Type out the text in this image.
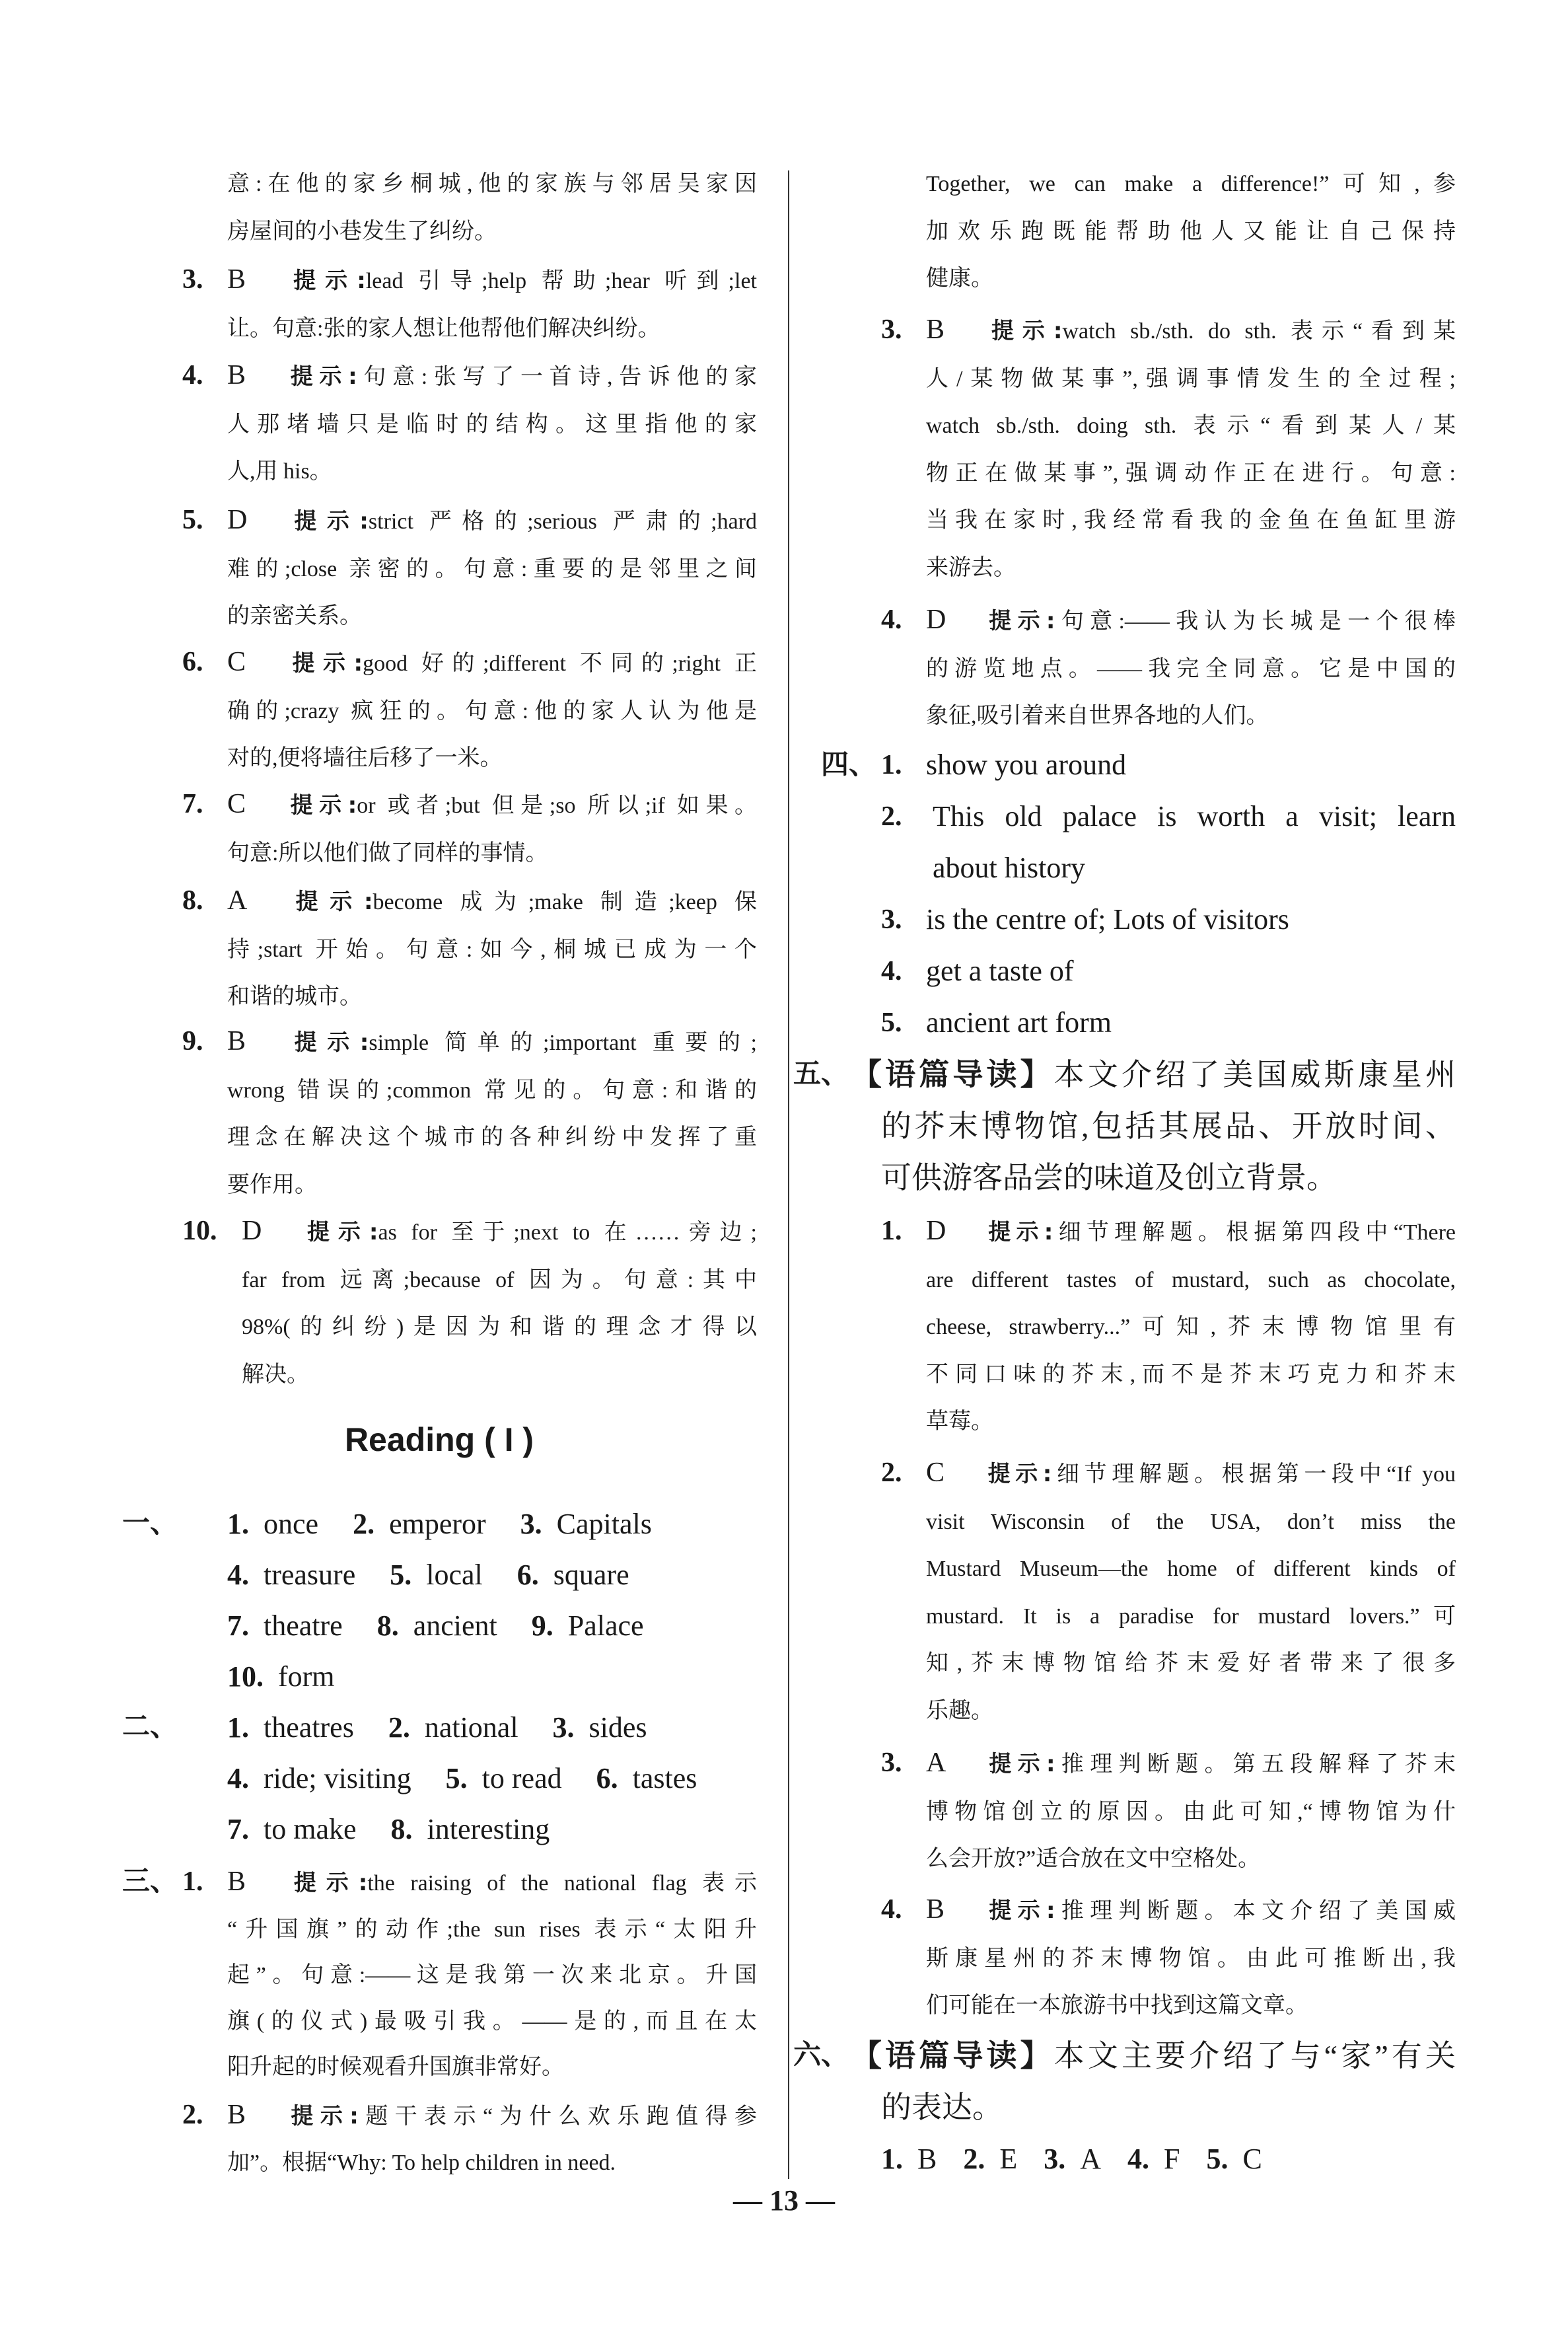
意:在他的家乡桐城,他的家族与邻居吴家因
房屋间的小巷发生了纠纷。
3. B 提示:lead 引导;help 帮助;hear 听到;let
让。句意:张的家人想让他帮他们解决纠纷。
4. B 提示:句意:张写了一首诗,告诉他的家
人那堵墙只是临时的结构。这里指他的家
人,用 his。
5. D 提示:strict 严格的;serious 严肃的;hard
难的;close 亲密的。句意:重要的是邻里之间
的亲密关系。
6. C 提示:good 好的;different 不同的;right 正
确的;crazy 疯狂的。句意:他的家人认为他是
对的,便将墙往后移了一米。
7. C 提示:or 或者;but 但是;so 所以;if 如果。
句意:所以他们做了同样的事情。
8. A 提示:become 成为;make 制造;keep 保
持;start 开始。句意:如今,桐城已成为一个
和谐的城市。
9. B 提示:simple 简单的;important 重要的;
wrong 错误的;common 常见的。句意:和谐的
理念在解决这个城市的各种纠纷中发挥了重
要作用。
10. D 提示:as for 至于;next to 在……旁边;
far from 远离;because of 因为。句意:其中
98%(的纠纷)是因为和谐的理念才得以
解决。
一、 1. once 2. emperor 3. Capitals
4. treasure 5. local 6. square
7. theatre 8. ancient 9. Palace
10. form
二、 1. theatres 2. national 3. sides
4. ride; visiting 5. to read 6. tastes
7. to make 8. interesting
1. B 提示:the raising of the national flag 表示
三、
“升国旗”的动作;the sun rises 表示“太阳升
起”。句意:——这是我第一次来北京。升国
旗(的仪式)最吸引我。——是的,而且在太
阳升起的时候观看升国旗非常好。
2. B 提示:题干表示“为什么欢乐跑值得参
加”。根据“Why: To help children in need.
Together, we can make a difference!”可知,参
加欢乐跑既能帮助他人又能让自己保持
健康。
3. B 提示:watch sb./sth. do sth. 表示“看到某
人/某物做某事”,强调事情发生的全过程;
watch sb./sth. doing sth. 表示“看到某人/某
物正在做某事”,强调动作正在进行。句意:
当我在家时,我经常看我的金鱼在鱼缸里游
来游去。
4. D 提示:句意:——我认为长城是一个很棒
的游览地点。——我完全同意。它是中国的
象征,吸引着来自世界各地的人们。
四、 1. show you around
2. This old palace is worth a visit; learn
about history
3. is the centre of; Lots of visitors
4. get a taste of
5. ancient art form
五、 【语篇导读】本文介绍了美国威斯康星州
的芥末博物馆,包括其展品、开放时间、
可供游客品尝的味道及创立背景。
1. D 提示:细节理解题。根据第四段中“There
are different tastes of mustard, such as chocolate,
cheese, strawberry...”可知,芥末博物馆里有
不同口味的芥末,而不是芥末巧克力和芥末
草莓。
2. C 提示:细节理解题。根据第一段中“If you
visit Wisconsin of the USA, don’t miss the
Mustard Museum—the home of different kinds of
mustard. It is a paradise for mustard lovers.”可
知,芥末博物馆给芥末爱好者带来了很多
乐趣。
3. A 提示:推理判断题。第五段解释了芥末
博物馆创立的原因。由此可知,“博物馆为什
么会开放?”适合放在文中空格处。
4. B 提示:推理判断题。本文介绍了美国威
斯康星州的芥末博物馆。由此可推断出,我
们可能在一本旅游书中找到这篇文章。
六、 【语篇导读】本文主要介绍了与“家”有关
的表达。
1. B 2. E 3. A 4. F 5. C
Reading ( I )
— 13 —
